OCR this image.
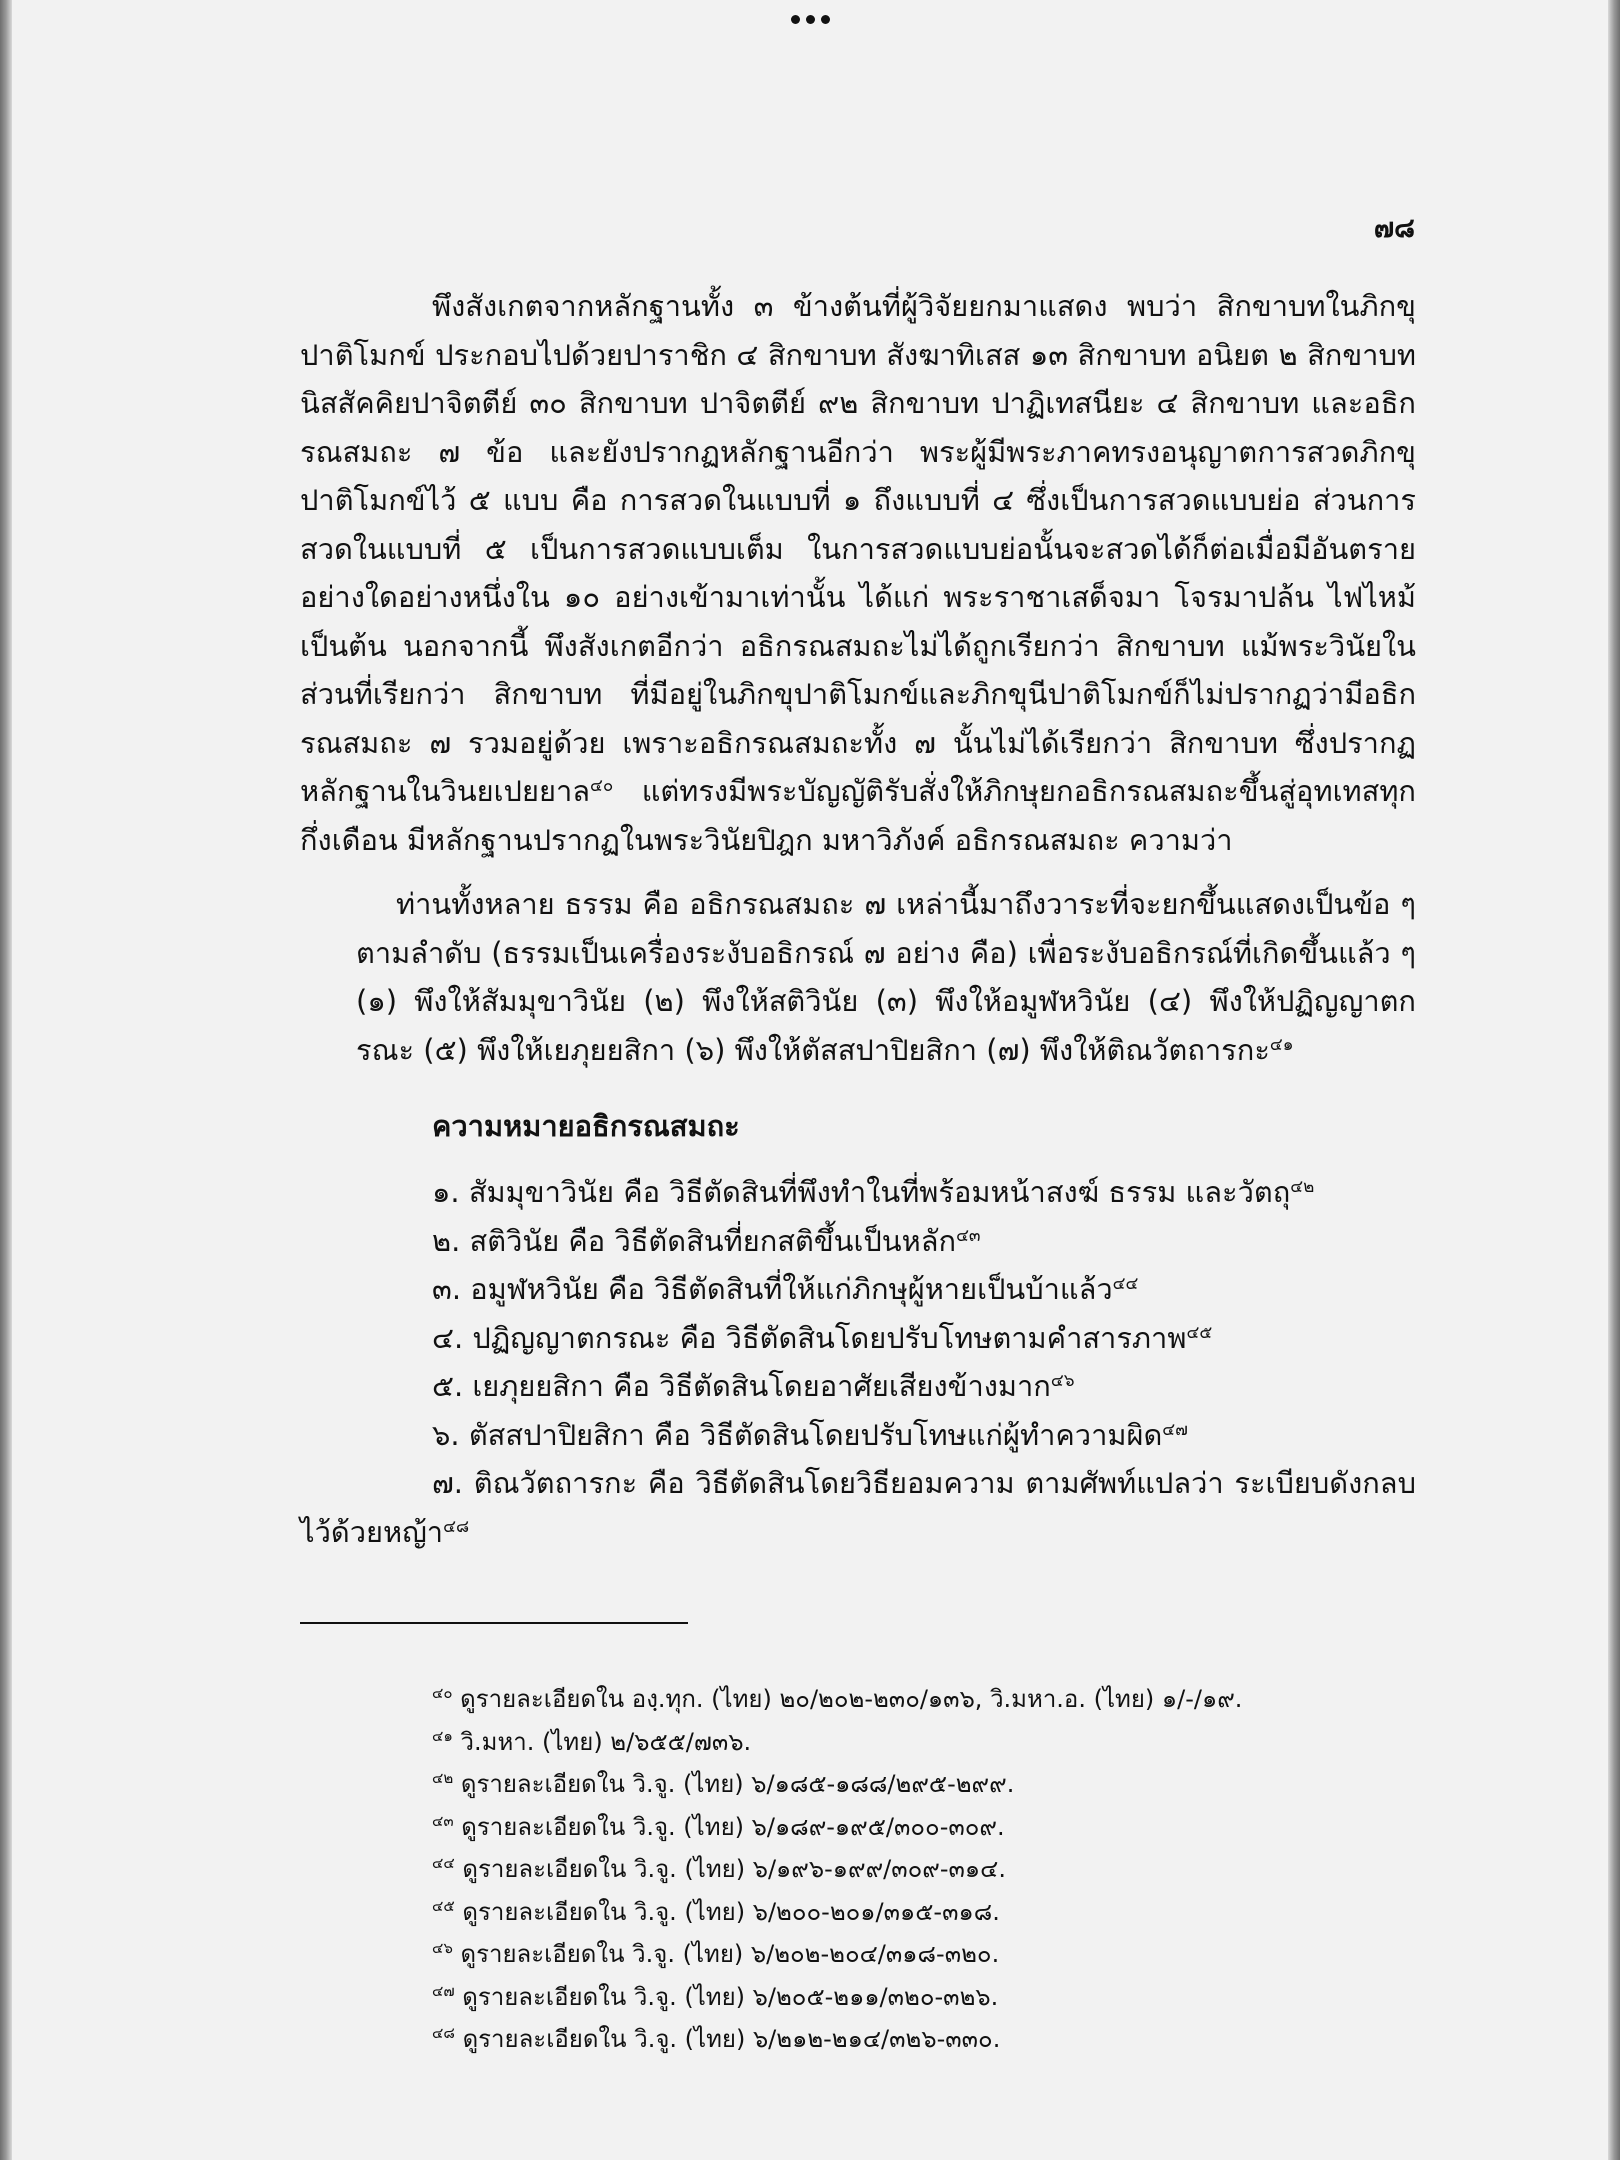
๗๘

พึงสังเกตจากหลักฐานทั้ง ๓ ข้างต้นที่ผู้วิจัยยกมาแสดง พบว่า สิกขาบทในภิกขุปาติโมกข์ ประกอบไปด้วยปาราชิก ๔ สิกขาบท สังฆาทิเสส ๑๓ สิกขาบท อนิยต ๒ สิกขาบท นิสสัคคิยปาจิตตีย์ ๓๐ สิกขาบท ปาจิตตีย์ ๙๒ สิกขาบท ปาฏิเทสนียะ ๔ สิกขาบท และอธิกรณสมถะ ๗ ข้อ และยังปรากฏหลักฐานอีกว่า พระผู้มีพระภาคทรงอนุญาตการสวดภิกขุปาติโมกข์ไว้ ๕ แบบ คือ การสวดในแบบที่ ๑ ถึงแบบที่ ๔ ซึ่งเป็นการสวดแบบย่อ ส่วนการสวดในแบบที่ ๕ เป็นการสวดแบบเต็ม ในการสวดแบบย่อนั้นจะสวดได้ก็ต่อเมื่อมีอันตรายอย่างใดอย่างหนึ่งใน ๑๐ อย่างเข้ามาเท่านั้น ได้แก่ พระราชาเสด็จมา โจรมาปล้น ไฟไหม้ เป็นต้น นอกจากนี้ พึงสังเกตอีกว่า อธิกรณสมถะไม่ได้ถูกเรียกว่า สิกขาบท แม้พระวินัยในส่วนที่เรียกว่า สิกขาบท ที่มีอยู่ในภิกขุปาติโมกข์และภิกขุนีปาติโมกข์ก็ไม่ปรากฏว่ามีอธิกรณสมถะ ๗ รวมอยู่ด้วย เพราะอธิกรณสมถะทั้ง ๗ นั้นไม่ได้เรียกว่า สิกขาบท ซึ่งปรากฏหลักฐานในวินยเปยยาล$^{๔๐}$ แต่ทรงมีพระบัญญัติรับสั่งให้ภิกษุยกอธิกรณสมถะขึ้นสู่อุทเทสทุกกึ่งเดือน มีหลักฐานปรากฏในพระวินัยปิฎก มหาวิภังค์ อธิกรณสมถะ ความว่า

ท่านทั้งหลาย ธรรม คือ อธิกรณสมถะ ๗ เหล่านี้มาถึงวาระที่จะยกขึ้นแสดงเป็นข้อ ๆ ตามลำดับ (ธรรมเป็นเครื่องระงับอธิกรณ์ ๗ อย่าง คือ) เพื่อระงับอธิกรณ์ที่เกิดขึ้นแล้ว ๆ (๑) พึงให้สัมมุขาวินัย (๒) พึงให้สติวินัย (๓) พึงให้อมูฬหวินัย (๔) พึงให้ปฏิญญาตกรณะ (๕) พึงให้เยภุยยสิกา (๖) พึงให้ตัสสปาปิยสิกา (๗) พึงให้ติณวัตถารกะ$^{๔๑}$

ความหมายอธิกรณสมถะ
๑. สัมมุขาวินัย คือ วิธีตัดสินที่พึงทำในที่พร้อมหน้าสงฆ์ ธรรม และวัตถุ$^{๔๒}$
๒. สติวินัย คือ วิธีตัดสินที่ยกสติขึ้นเป็นหลัก$^{๔๓}$
๓. อมูฬหวินัย คือ วิธีตัดสินที่ให้แก่ภิกษุผู้หายเป็นบ้าแล้ว$^{๔๔}$
๔. ปฏิญญาตกรณะ คือ วิธีตัดสินโดยปรับโทษตามคำสารภาพ$^{๔๕}$
๕. เยภุยยสิกา คือ วิธีตัดสินโดยอาศัยเสียงข้างมาก$^{๔๖}$
๖. ตัสสปาปิยสิกา คือ วิธีตัดสินโดยปรับโทษแก่ผู้ทำความผิด$^{๔๗}$
๗. ติณวัตถารกะ คือ วิธีตัดสินโดยวิธียอมความ ตามศัพท์แปลว่า ระเบียบดังกลบไว้ด้วยหญ้า$^{๔๘}$
$^{๔๐}$ ดูรายละเอียดใน องฺ.ทุก. (ไทย) ๒๐/๒๐๒-๒๓๐/๑๓๖, วิ.มหา.อ. (ไทย) ๑/-/๑๙.
$^{๔๑}$ วิ.มหา. (ไทย) ๒/๖๕๕/๗๓๖.
$^{๔๒}$ ดูรายละเอียดใน วิ.จู. (ไทย) ๖/๑๘๕-๑๘๘/๒๙๕-๒๙๙.
$^{๔๓}$ ดูรายละเอียดใน วิ.จู. (ไทย) ๖/๑๘๙-๑๙๕/๓๐๐-๓๐๙.
$^{๔๔}$ ดูรายละเอียดใน วิ.จู. (ไทย) ๖/๑๙๖-๑๙๙/๓๐๙-๓๑๔.
$^{๔๕}$ ดูรายละเอียดใน วิ.จู. (ไทย) ๖/๒๐๐-๒๐๑/๓๑๕-๓๑๘.
$^{๔๖}$ ดูรายละเอียดใน วิ.จู. (ไทย) ๖/๒๐๒-๒๐๔/๓๑๘-๓๒๐.
$^{๔๗}$ ดูรายละเอียดใน วิ.จู. (ไทย) ๖/๒๐๕-๒๑๑/๓๒๐-๓๒๖.
$^{๔๘}$ ดูรายละเอียดใน วิ.จู. (ไทย) ๖/๒๑๒-๒๑๔/๓๒๖-๓๓๐.
